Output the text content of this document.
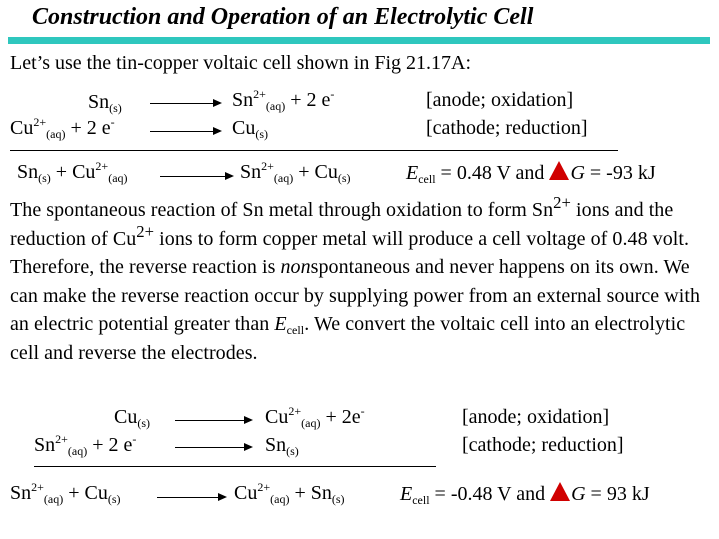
Construction and Operation of an Electrolytic Cell
Let’s use the tin-copper voltaic cell shown in Fig 21.17A:
$Sn_{(s)}$	$Sn^{2+}_{(aq)} + 2$ e-	[anode; oxidation]
$Cu^{2+}_{(aq)} + 2$ e-	$Cu_{(s)}$	[cathode; reduction]
$Sn_{(s)} + Cu^{2+}_{(aq)}$	$Sn^{2+}_{(aq)} + Cu_{(s)}$	$E_{cell} = 0.48$ V and G = -93 kJ
The spontaneous reaction of Sn metal through oxidation to form $Sn^{2+}$ ions and the reduction of $Cu^{2+}$ ions to form copper metal will produce a cell voltage of 0.48 volt. Therefore, the reverse reaction is nonspontaneous and never happens on its own. We can make the reverse reaction occur by supplying power from an external source with an electric potential greater than $E_{cell}$. We convert the voltaic cell into an electrolytic cell and reverse the electrodes.
$Cu_{(s)}$	$Cu^{2+}_{(aq)} + 2e^-$	[anode; oxidation]
$Sn^{2+}_{(aq)} + 2$ e-	$Sn_{(s)}$	[cathode; reduction]
$Sn^{2+}_{(aq)} + Cu_{(s)}$	$Cu^{2+}_{(aq)} + Sn_{(s)}$	$E_{cell} = -0.48$ V and G = 93 kJ
